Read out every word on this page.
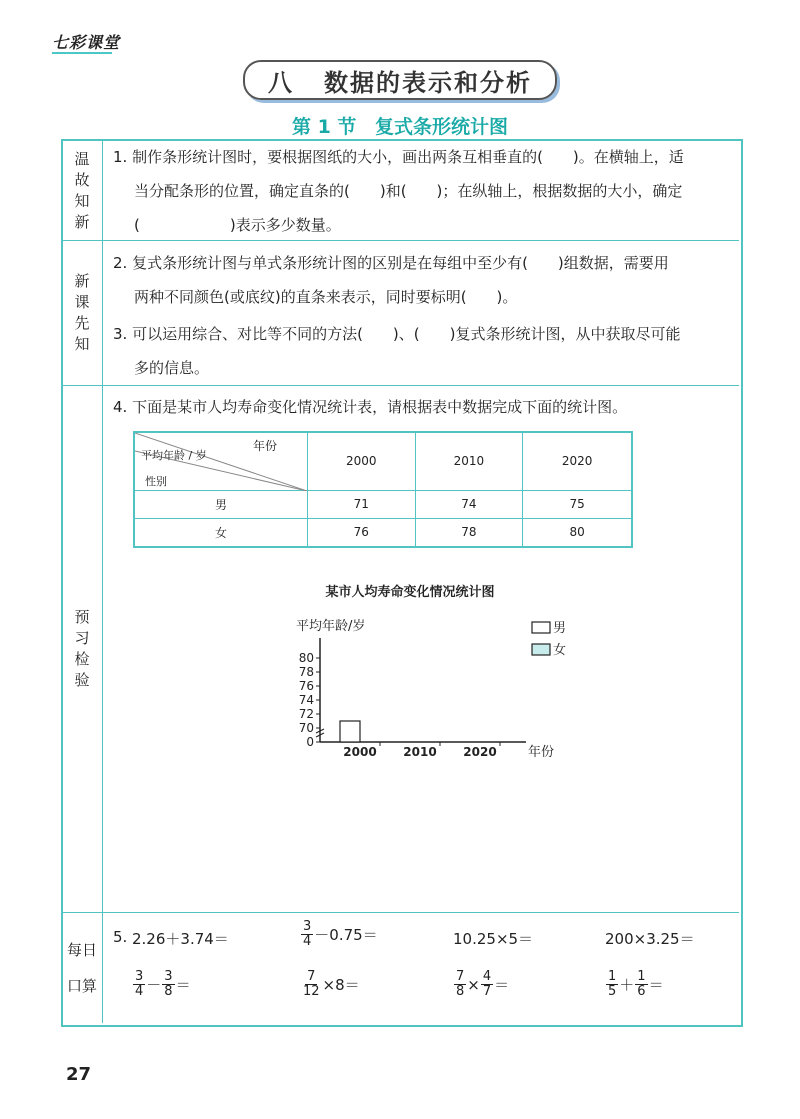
七彩课堂
八 数据的表示和分析
第 1 节 复式条形统计图
温
故
知
新
新
课
先
知
预
习
检
验
每日
口算

1. 制作条形统计图时，要根据图纸的大小，画出两条互相垂直的(　　)。在横轴上，适

当分配条形的位置，确定直条的(　　)和(　　)；在纵轴上，根据数据的大小，确定

(　　　　　　)表示多少数量。

2. 复式条形统计图与单式条形统计图的区别是在每组中至少有(　　)组数据，需要用

两种不同颜色(或底纹)的直条来表示，同时要标明(　　)。

3. 可以运用综合、对比等不同的方法(　　)、(　　)复式条形统计图，从中获取尽可能

多的信息。

4. 下面是某市人均寿命变化情况统计表，请根据表中数据完成下面的统计图。

平均年龄 / 岁
年份
性别	2000	2010	2020
男	71	74	75
女	76	78	80
某市人均寿命变化情况统计图
平均年龄/岁
80
78
76
74
72
70
0
2000 2010 2020 年份
男
女
5. 2.26＋3.74＝	$\frac{3}{4} -0.75=$	10.25×5＝	200×3.25＝
$\frac{3}{4} - \frac{3}{8}$ ＝	$\frac{7}{12} \times 8=$	$\frac{7}{8} \times \frac{4}{7}$ ＝	$\frac{1}{5} + \frac{1}{6}$ ＝
27
